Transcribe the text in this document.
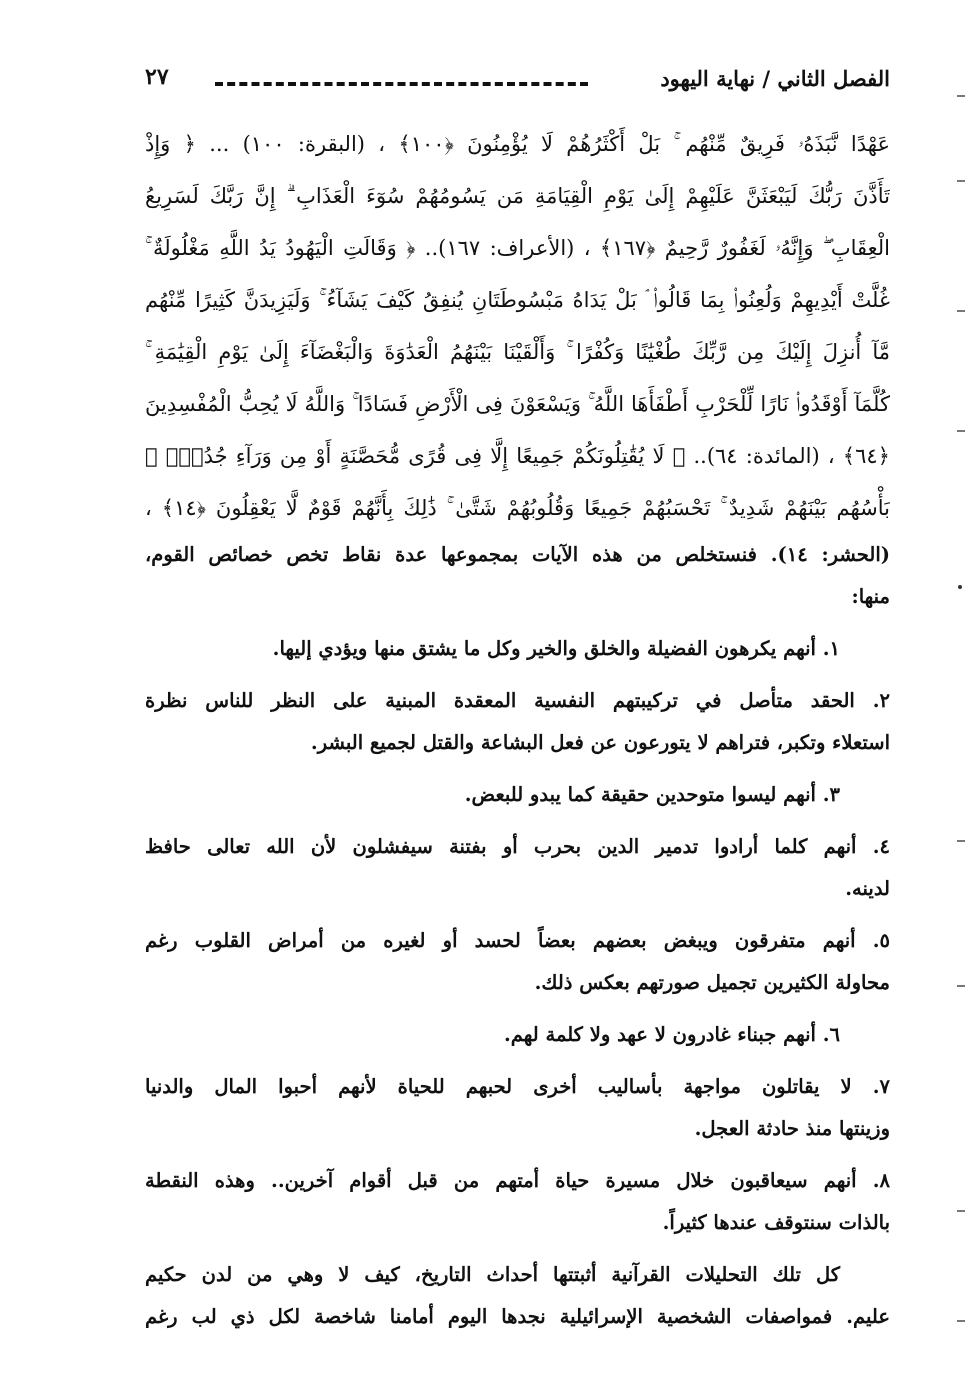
الفصل الثاني / نهاية اليهود
٢٧
عَهْدًا نَّبَذَهُۥ فَرِيقٌ مِّنْهُم ۚ بَلْ أَكْثَرُهُمْ لَا يُؤْمِنُونَ ﴿١٠٠﴾ ، (البقرة: ١٠٠) ... ﴿ وَإِذْ
تَأَذَّنَ رَبُّكَ لَيَبْعَثَنَّ عَلَيْهِمْ إِلَىٰ يَوْمِ الْقِيَامَةِ مَن يَسُومُهُمْ سُوٓءَ الْعَذَابِ ۗ إِنَّ رَبَّكَ لَسَرِيعُ
الْعِقَابِ ۖ وَإِنَّهُۥ لَغَفُورٌ رَّحِيمٌ ﴿١٦٧﴾ ، (الأعراف: ١٦٧).. ﴿ وَقَالَتِ الْيَهُودُ يَدُ اللَّهِ مَغْلُولَةٌ ۚ
غُلَّتْ أَيْدِيهِمْ وَلُعِنُوا۟ بِمَا قَالُوا۟ ۘ بَلْ يَدَاهُ مَبْسُوطَتَانِ يُنفِقُ كَيْفَ يَشَآءُ ۚ وَلَيَزِيدَنَّ كَثِيرًا مِّنْهُم
مَّآ أُنزِلَ إِلَيْكَ مِن رَّبِّكَ طُغْيَٰنًا وَكُفْرًا ۚ وَأَلْقَيْنَا بَيْنَهُمُ الْعَدَٰوَةَ وَالْبَغْضَآءَ إِلَىٰ يَوْمِ الْقِيَٰمَةِ ۚ
كُلَّمَآ أَوْقَدُوا۟ نَارًا لِّلْحَرْبِ أَطْفَأَهَا اللَّهُ ۚ وَيَسْعَوْنَ فِى الْأَرْضِ فَسَادًا ۚ وَاللَّهُ لَا يُحِبُّ الْمُفْسِدِينَ
﴿٦٤﴾ ، (المائدة: ٦٤).. ﴿ لَا يُقَٰتِلُونَكُمْ جَمِيعًا إِلَّا فِى قُرًى مُّحَصَّنَةٍ أَوْ مِن وَرَآءِ جُدُرٍۭ ۚ
بَأْسُهُم بَيْنَهُمْ شَدِيدٌ ۚ تَحْسَبُهُمْ جَمِيعًا وَقُلُوبُهُمْ شَتَّىٰ ۚ ذَٰلِكَ بِأَنَّهُمْ قَوْمٌ لَّا يَعْقِلُونَ ﴿١٤﴾ ،
(الحشر: ١٤). فنستخلص من هذه الآيات بمجموعها عدة نقاط تخص خصائص القوم،
منها:
١. أنهم يكرهون الفضيلة والخلق والخير وكل ما يشتق منها ويؤدي إليها.
٢. الحقد متأصل في تركيبتهم النفسية المعقدة المبنية على النظر للناس نظرة
استعلاء وتكبر، فتراهم لا يتورعون عن فعل البشاعة والقتل لجميع البشر.
٣. أنهم ليسوا متوحدين حقيقة كما يبدو للبعض.
٤. أنهم كلما أرادوا تدمير الدين بحرب أو بفتنة سيفشلون لأن الله تعالى حافظ
لدينه.
٥. أنهم متفرقون ويبغض بعضهم بعضاً لحسد أو لغيره من أمراض القلوب رغم
محاولة الكثيرين تجميل صورتهم بعكس ذلك.
٦. أنهم جبناء غادرون لا عهد ولا كلمة لهم.
٧. لا يقاتلون مواجهة بأساليب أخرى لحبهم للحياة لأنهم أحبوا المال والدنيا
وزينتها منذ حادثة العجل.
٨. أنهم سيعاقبون خلال مسيرة حياة أمتهم من قبل أقوام آخرين.. وهذه النقطة
بالذات سنتوقف عندها كثيراً.
كل تلك التحليلات القرآنية أثبتتها أحداث التاريخ، كيف لا وهي من لدن حكيم
عليم. فمواصفات الشخصية الإسرائيلية نجدها اليوم أمامنا شاخصة لكل ذي لب رغم
